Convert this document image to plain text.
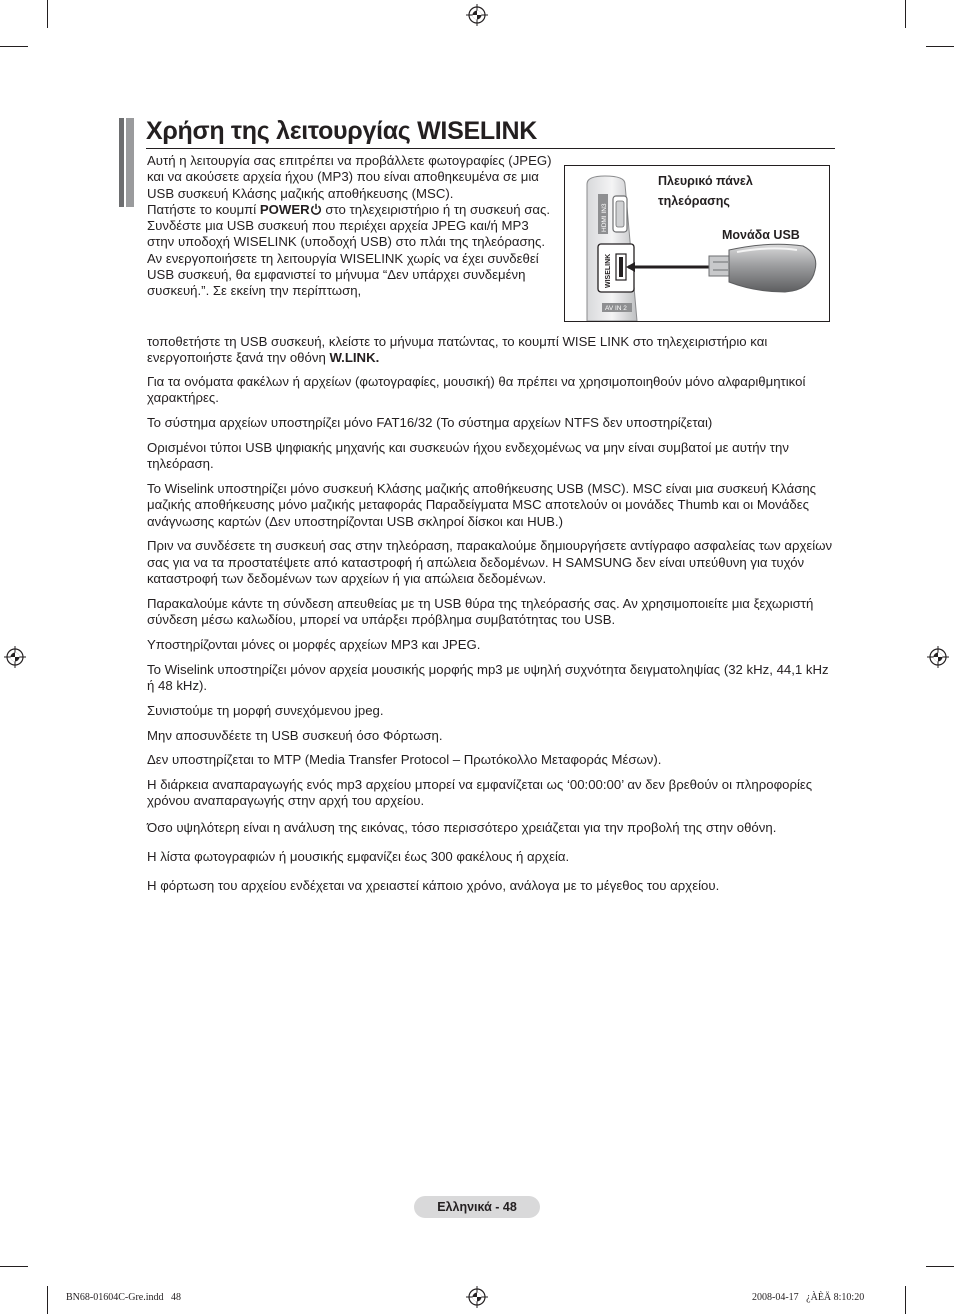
Χρήση της λειτουργίας WISELINK

Αυτή η λειτουργία σας επιτρέπει να προβάλλετε φωτογραφίες (JPEG) και να ακούσετε αρχεία ήχου (MP3) που είναι αποθηκευμένα σε μια USB συσκευή Κλάσης μαζικής αποθήκευσης (MSC).

Πατήστε το κουμπί POWER στο τηλεχειριστήριο ή τη συσκευή σας. Συνδέστε μια USB συσκευή που περιέχει αρχεία JPEG και/ή MP3 στην υποδοχή WISELINK (υποδοχή USB) στο πλάι της τηλεόρασης.

Αν ενεργοποιήσετε τη λειτουργία WISELINK χωρίς να έχει συνδεθεί USB συσκευή, θα εμφανιστεί το μήνυμα “Δεν υπάρχει συνδεμένη συσκευή.”. Σε εκείνη την περίπτωση,

τοποθετήστε τη USB συσκευή, κλείστε το μήνυμα πατώντας, το κουμπί WISE LINK στο τηλεχειριστήριο και ενεργοποιήστε ξανά την οθόνη W.LINK.

HDMI IN3
WISELINK
AV IN 2
Πλευρικό πάνελ τηλεόρασης
Μονάδα USB

Για τα ονόματα φακέλων ή αρχείων (φωτογραφίες, μουσική) θα πρέπει να χρησιμοποιηθούν μόνο αλφαριθμητικοί χαρακτήρες.

Το σύστημα αρχείων υποστηρίζει μόνο FAT16/32 (Το σύστημα αρχείων NTFS δεν υποστηρίζεται)

Ορισμένοι τύποι USB ψηφιακής μηχανής και συσκευών ήχου ενδεχομένως να μην είναι συμβατοί με αυτήν την τηλεόραση.

Το Wiselink υποστηρίζει μόνο συσκευή Κλάσης μαζικής αποθήκευσης USB (MSC). MSC είναι μια συσκευή Κλάσης μαζικής αποθήκευσης μόνο μαζικής μεταφοράς Παραδείγματα MSC αποτελούν οι μονάδες Thumb και οι Μονάδες ανάγνωσης καρτών (Δεν υποστηρίζονται USB σκληροί δίσκοι και HUB.)

Πριν να συνδέσετε τη συσκευή σας στην τηλεόραση, παρακαλούμε δημιουργήσετε αντίγραφο ασφαλείας των αρχείων σας για να τα προστατέψετε από καταστροφή ή απώλεια δεδομένων. Η SAMSUNG δεν είναι υπεύθυνη για τυχόν καταστροφή των δεδομένων των αρχείων ή για απώλεια δεδομένων.

Παρακαλούμε κάντε τη σύνδεση απευθείας με τη USB θύρα της τηλεόρασής σας. Αν χρησιμοποιείτε μια ξεχωριστή σύνδεση μέσω καλωδίου, μπορεί να υπάρξει πρόβλημα συμβατότητας του USB.

Υποστηρίζονται μόνες οι μορφές αρχείων MP3 και JPEG.

Το Wiselink υποστηρίζει μόνον αρχεία μουσικής μορφής mp3 με υψηλή συχνότητα δειγματοληψίας (32 kHz, 44,1 kHz ή 48 kHz).

Συνιστούμε τη μορφή συνεχόμενου jpeg.

Μην αποσυνδέετε τη USB συσκευή όσο Φόρτωση.

Δεν υποστηρίζεται το MTP (Media Transfer Protocol – Πρωτόκολλο Μεταφοράς Μέσων).

Η διάρκεια αναπαραγωγής ενός mp3 αρχείου μπορεί να εμφανίζεται ως ‘00:00:00’ αν δεν βρεθούν οι πληροφορίες χρόνου αναπαραγωγής στην αρχή του αρχείου.

Όσο υψηλότερη είναι η ανάλυση της εικόνας, τόσο περισσότερο χρειάζεται για την προβολή της στην οθόνη.

Η λίστα φωτογραφιών ή μουσικής εμφανίζει έως 300 φακέλους ή αρχεία.

Η φόρτωση του αρχείου ενδέχεται να χρειαστεί κάποιο χρόνο, ανάλογα με το μέγεθος του αρχείου.

Ελληνικά - 48
BN68-01604C-Gre.indd   48	2008-04-17   ¿ÀÈÄ 8:10:20
